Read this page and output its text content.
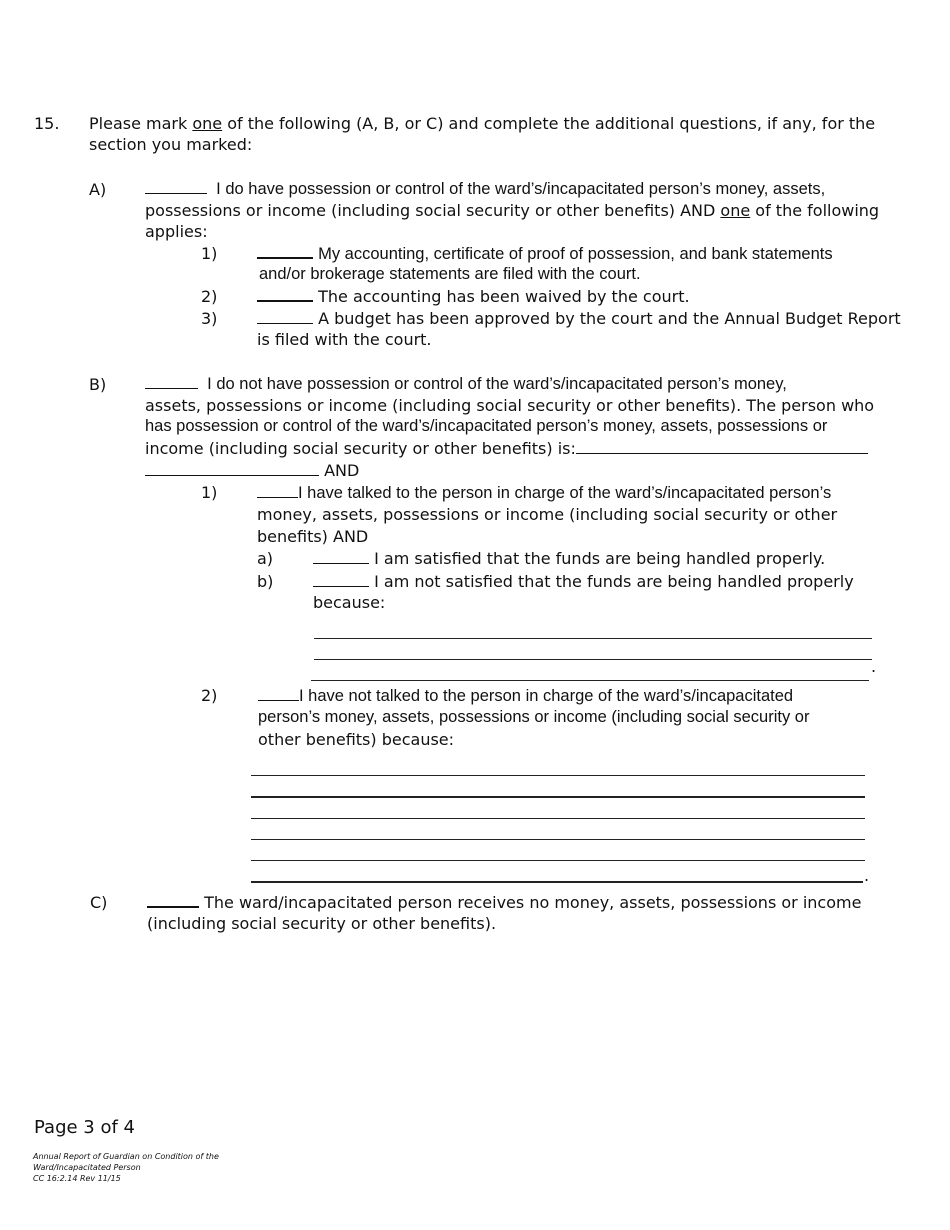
15. Please mark one of the following (A, B, or C) and complete the additional questions, if any, for the
section you marked:
A)	I do have possession or control of the ward’s/incapacitated person’s money, assets,
possessions or income (including social security or other benefits) AND one of the following
applies:
1)	My accounting, certificate of proof of possession, and bank statements
and/or brokerage statements are filed with the court.
2)	The accounting has been waived by the court.
3)	A budget has been approved by the court and the Annual Budget Report
is filed with the court.
B)	I do not have possession or control of the ward’s/incapacitated person’s money,
assets, possessions or income (including social security or other benefits). The person who
has possession or control of the ward’s/incapacitated person’s money, assets, possessions or
income (including social security or other benefits) is:
AND
1)	I have talked to the person in charge of the ward’s/incapacitated person’s
money, assets, possessions or income (including social security or other
benefits) AND
a)	I am satisfied that the funds are being handled properly.
b)	I am not satisfied that the funds are being handled properly
because:
.
2)	I have not talked to the person in charge of the ward’s/incapacitated
person’s money, assets, possessions or income (including social security or
other benefits) because:
.
C)	The ward/incapacitated person receives no money, assets, possessions or income
(including social security or other benefits).
Page 3 of 4
Annual Report of Guardian on Condition of the
Ward/Incapacitated Person
CC 16:2.14 Rev 11/15
